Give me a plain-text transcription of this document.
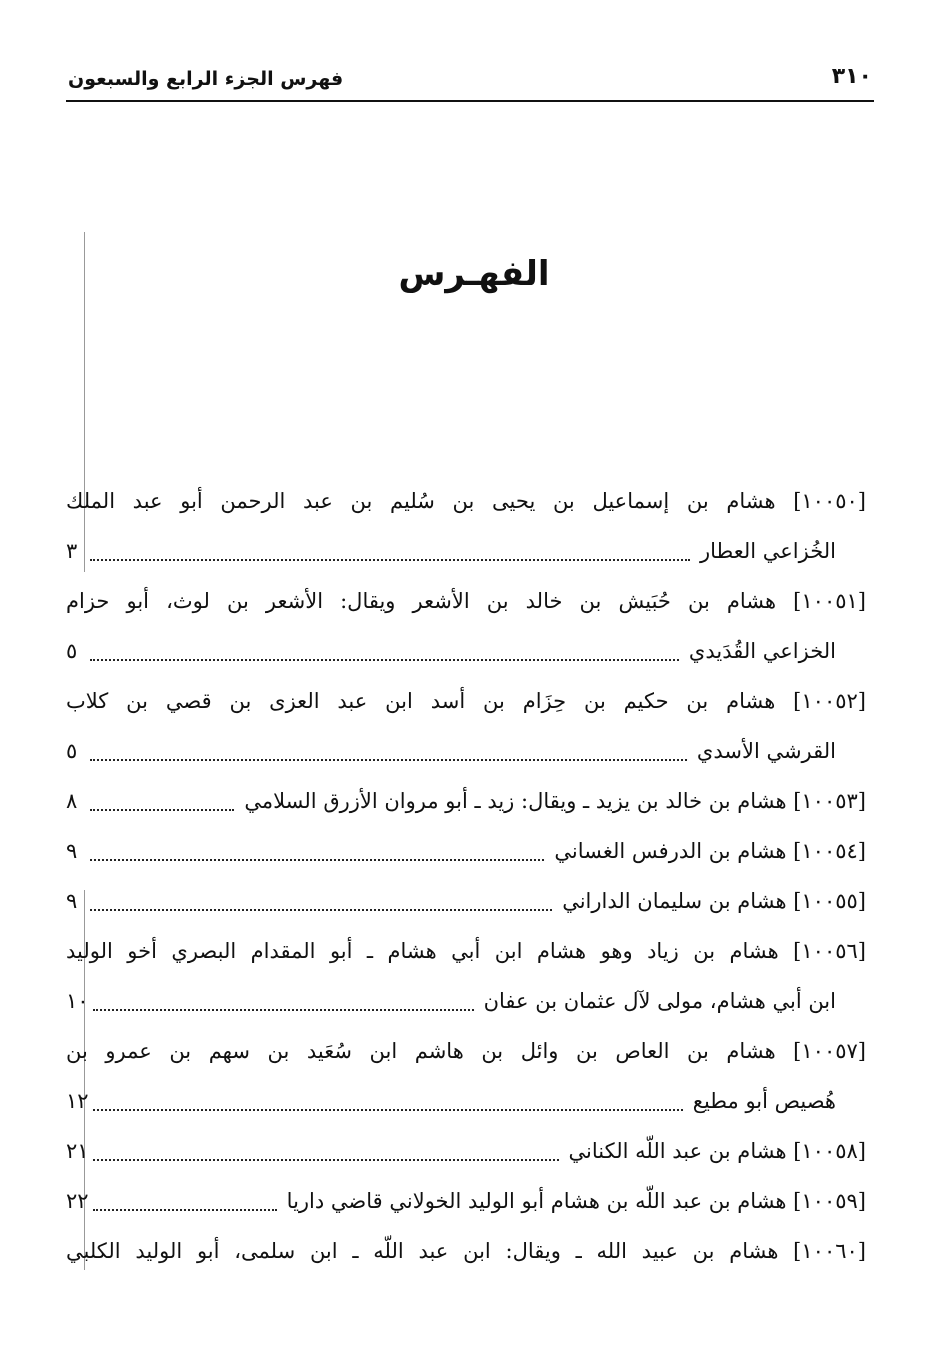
فهرس الجزء الرابع والسبعون	٣١٠
الفهـرس
[١٠٠٥٠] هشام بن إسماعيل بن يحيى بن سُليم بن عبد الرحمن أبو عبد الملك
الخُزاعي العطار
٣
[١٠٠٥١] هشام بن حُبَيش بن خالد بن الأشعر ويقال: الأشعر بن لوث، أبو حزام
الخزاعي القُدَيدي
٥
[١٠٠٥٢] هشام بن حكيم بن حِزَام بن أسد ابن عبد العزى بن قصي بن كلاب
القرشي الأسدي
٥
[١٠٠٥٣] هشام بن خالد بن يزيد ـ ويقال: زيد ـ أبو مروان الأزرق السلامي
٨
[١٠٠٥٤] هشام بن الدرفس الغساني
٩
[١٠٠٥٥] هشام بن سليمان الداراني
٩
[١٠٠٥٦] هشام بن زياد وهو هشام ابن أبي هشام ـ أبو المقدام البصري أخو الوليد
ابن أبي هشام، مولى لآل عثمان بن عفان
١٠
[١٠٠٥٧] هشام بن العاص بن وائل بن هاشم ابن سُعَيد بن سهم بن عمرو بن
هُصيص أبو مطيع
١٢
[١٠٠٥٨] هشام بن عبد اللّه الكناني
٢١
[١٠٠٥٩] هشام بن عبد اللّه بن هشام أبو الوليد الخولاني قاضي داريا
٢٢
[١٠٠٦٠] هشام بن عبيد الله ـ ويقال: ابن عبد اللّه ـ ابن سلمى، أبو الوليد الكلبي
